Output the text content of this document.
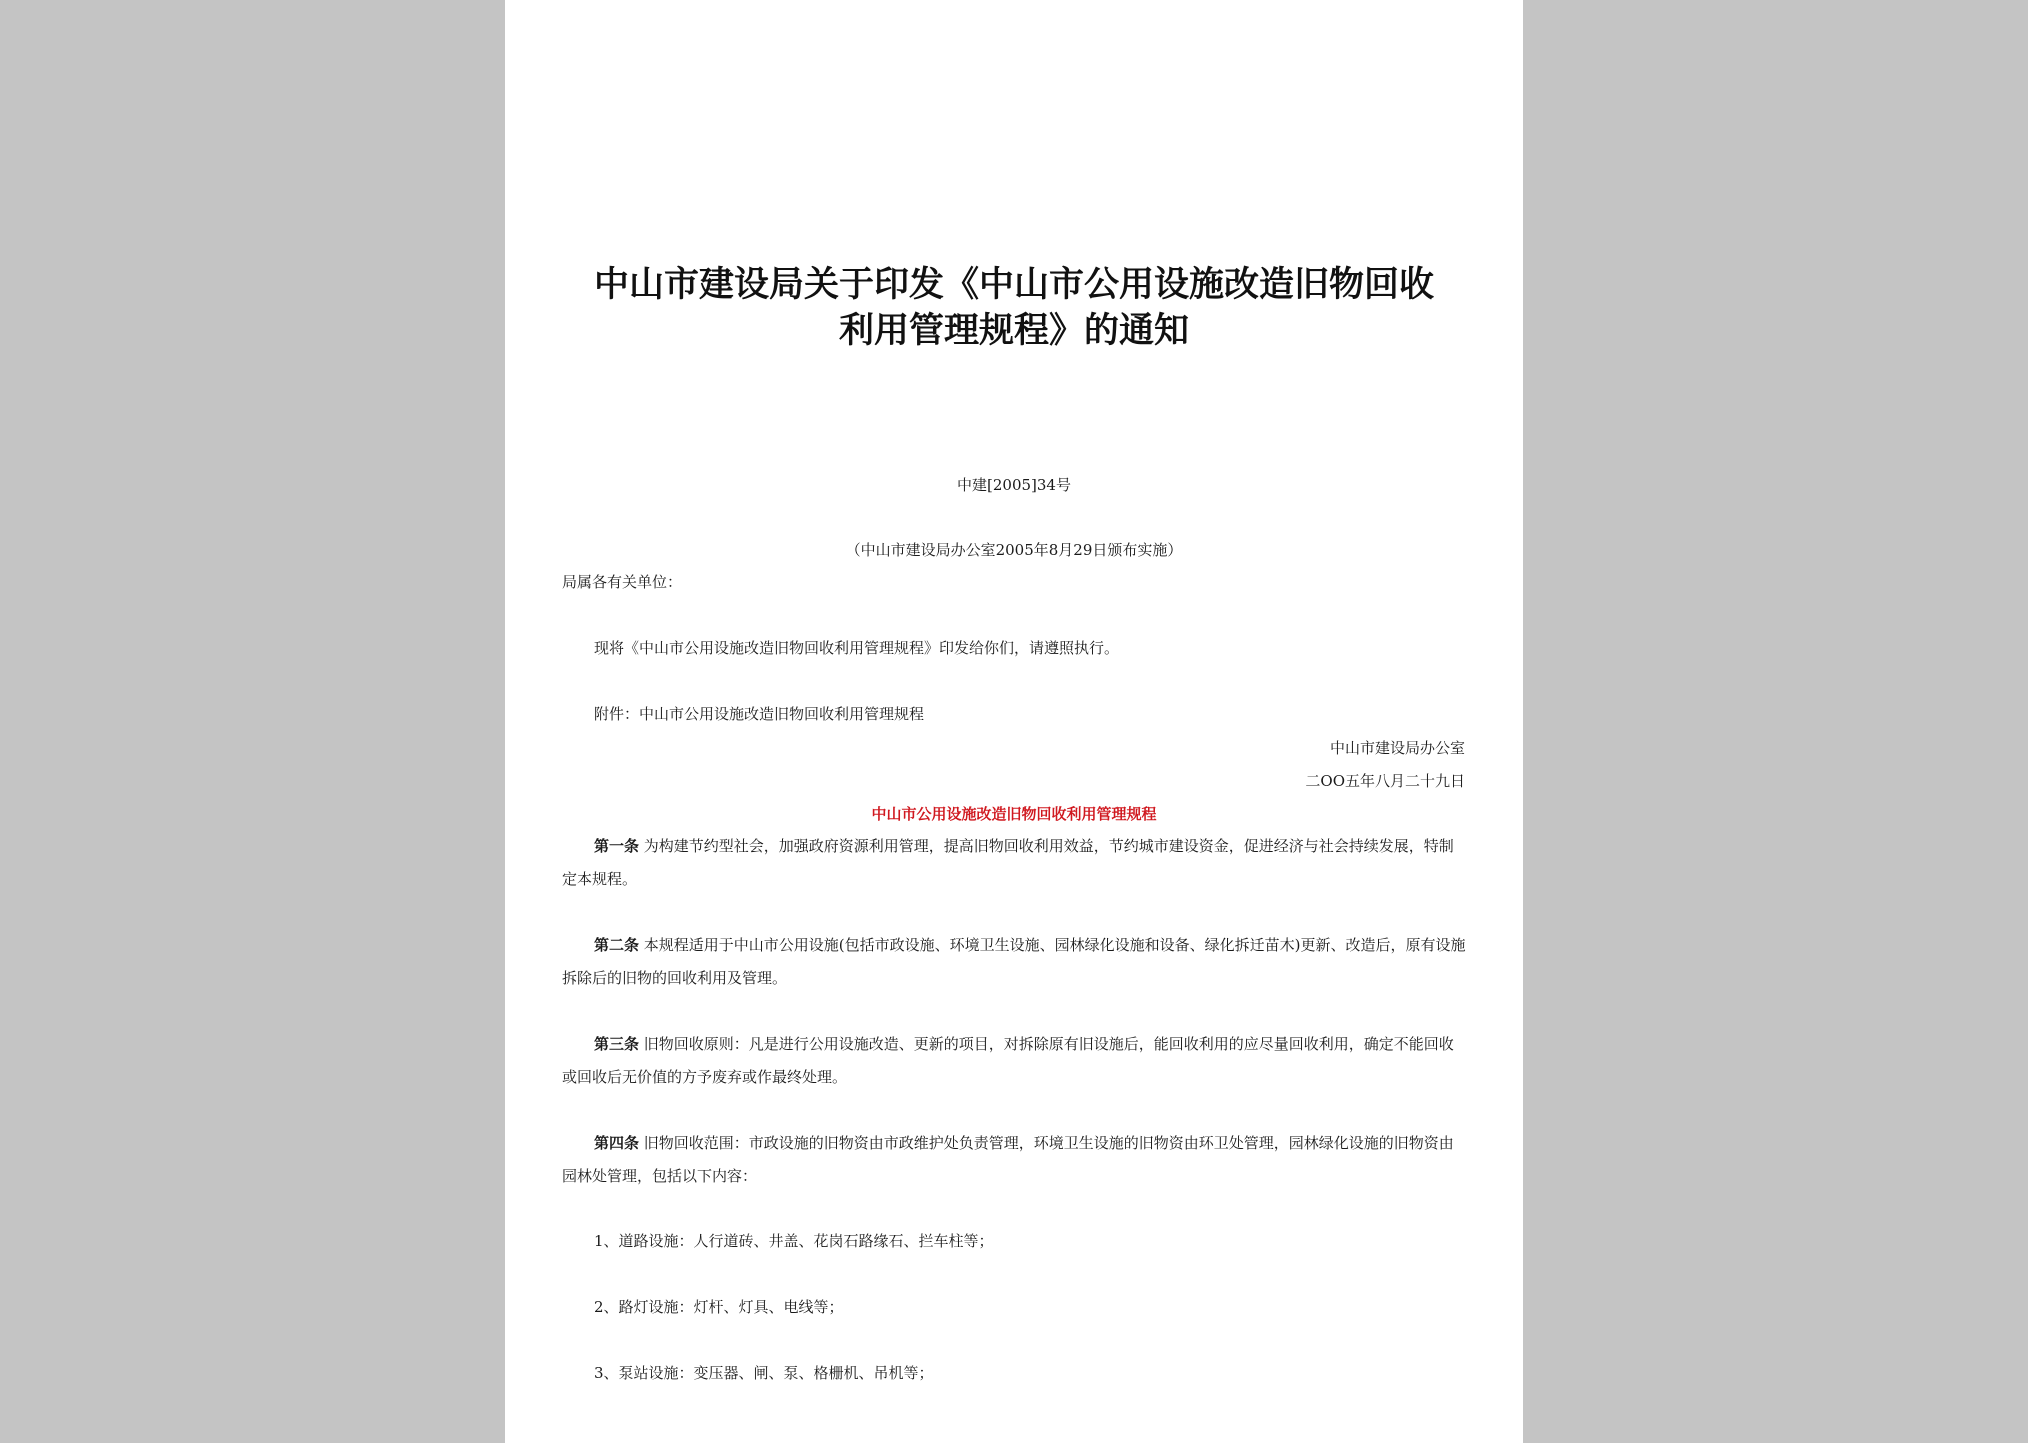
中山市建设局关于印发《中山市公用设施改造旧物回收
利用管理规程》的通知
中建[2005]34号
（中山市建设局办公室2005年8月29日颁布实施）
局属各有关单位：
现将《中山市公用设施改造旧物回收利用管理规程》印发给你们，请遵照执行。
附件：中山市公用设施改造旧物回收利用管理规程
中山市建设局办公室
二OO五年八月二十九日
中山市公用设施改造旧物回收利用管理规程

第一条 为构建节约型社会，加强政府资源利用管理，提高旧物回收利用效益，节约城市建设资金，促进经济与社会持续发展，特制定本规程。

第二条 本规程适用于中山市公用设施(包括市政设施、环境卫生设施、园林绿化设施和设备、绿化拆迁苗木)更新、改造后，原有设施拆除后的旧物的回收利用及管理。

第三条 旧物回收原则：凡是进行公用设施改造、更新的项目，对拆除原有旧设施后，能回收利用的应尽量回收利用，确定不能回收或回收后无价值的方予废弃或作最终处理。

第四条 旧物回收范围：市政设施的旧物资由市政维护处负责管理，环境卫生设施的旧物资由环卫处管理，园林绿化设施的旧物资由园林处管理，包括以下内容：

1、道路设施：人行道砖、井盖、花岗石路缘石、拦车柱等；
2、路灯设施：灯杆、灯具、电线等；
3、泵站设施：变压器、闸、泵、格栅机、吊机等；
